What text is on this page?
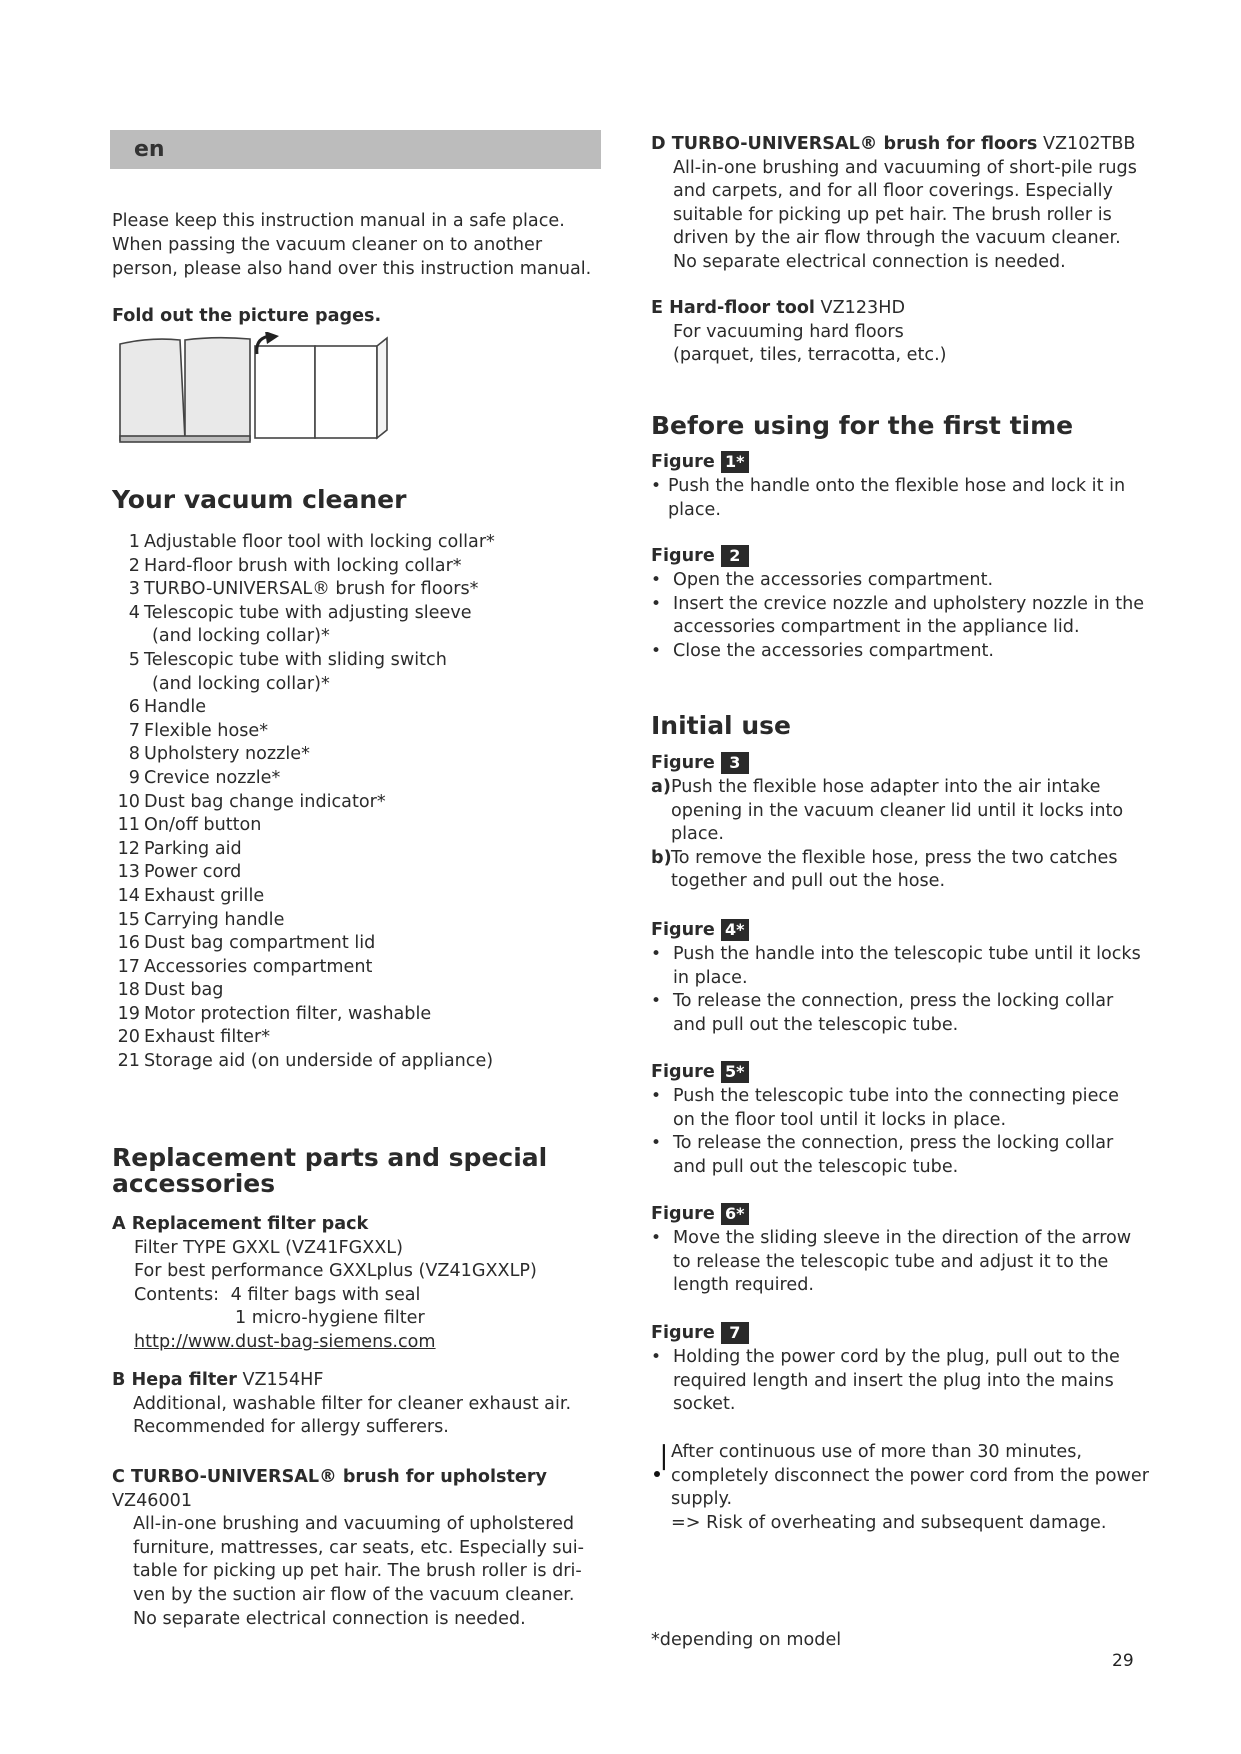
en

Please keep this instruction manual in a safe place.

When passing the vacuum cleaner on to another

person, please also hand over this instruction manual.

Fold out the picture pages.
Your vacuum cleaner
1 Adjustable floor tool with locking collar*
2 Hard-floor brush with locking collar*
3 TURBO-UNIVERSAL® brush for floors*
4 Telescopic tube with adjusting sleeve
(and locking collar)*
5 Telescopic tube with sliding switch
(and locking collar)*
6 Handle
7 Flexible hose*
8 Upholstery nozzle*
9 Crevice nozzle*
10 Dust bag change indicator*
11 On/off button
12 Parking aid
13 Power cord
14 Exhaust grille
15 Carrying handle
16 Dust bag compartment lid
17 Accessories compartment
18 Dust bag
19 Motor protection filter, washable
20 Exhaust filter*
21 Storage aid (on underside of appliance)
Replacement parts and special
accessories

A Replacement filter pack

Filter TYPE GXXL (VZ41FGXXL)

For best performance GXXLplus (VZ41GXXLP)

Contents: 4 filter bags with seal

1 micro-hygiene filter

http://www.dust-bag-siemens.com

B Hepa filter VZ154HF

Additional, washable filter for cleaner exhaust air.

Recommended for allergy sufferers.

C TURBO-UNIVERSAL® brush for upholstery VZ46001

All-in-one brushing and vacuuming of upholstered

furniture, mattresses, car seats, etc. Especially sui-

table for picking up pet hair. The brush roller is dri-

ven by the suction air flow of the vacuum cleaner.

No separate electrical connection is needed.

D TURBO-UNIVERSAL® brush for floors VZ102TBB

All-in-one brushing and vacuuming of short-pile rugs

and carpets, and for all floor coverings. Especially

suitable for picking up pet hair. The brush roller is

driven by the air flow through the vacuum cleaner.

No separate electrical connection is needed.

E Hard-floor tool VZ123HD

For vacuuming hard floors

(parquet, tiles, terracotta, etc.)

Before using for the first time
Figure 1*
• Push the handle onto the flexible hose and lock it in place.
Figure 2
• Open the accessories compartment.
• Insert the crevice nozzle and upholstery nozzle in the accessories compartment in the appliance lid.
• Close the accessories compartment.
Initial use
Figure 3
a) Push the flexible hose adapter into the air intake opening in the vacuum cleaner lid until it locks into place.
b) To remove the flexible hose, press the two catches together and pull out the hose.
Figure 4*
• Push the handle into the telescopic tube until it locks in place.
• To release the connection, press the locking collar and pull out the telescopic tube.
Figure 5*
• Push the telescopic tube into the connecting piece on the floor tool until it locks in place.
• To release the connection, press the locking collar and pull out the telescopic tube.
Figure 6*
• Move the sliding sleeve in the direction of the arrow to release the telescopic tube and adjust it to the length required.
Figure 7
• Holding the power cord by the plug, pull out to the required length and insert the plug into the mains socket.
❘
After continuous use of more than 30 minutes, completely disconnect the power cord from the power supply.
=> Risk of overheating and subsequent damage.
*depending on model
29
